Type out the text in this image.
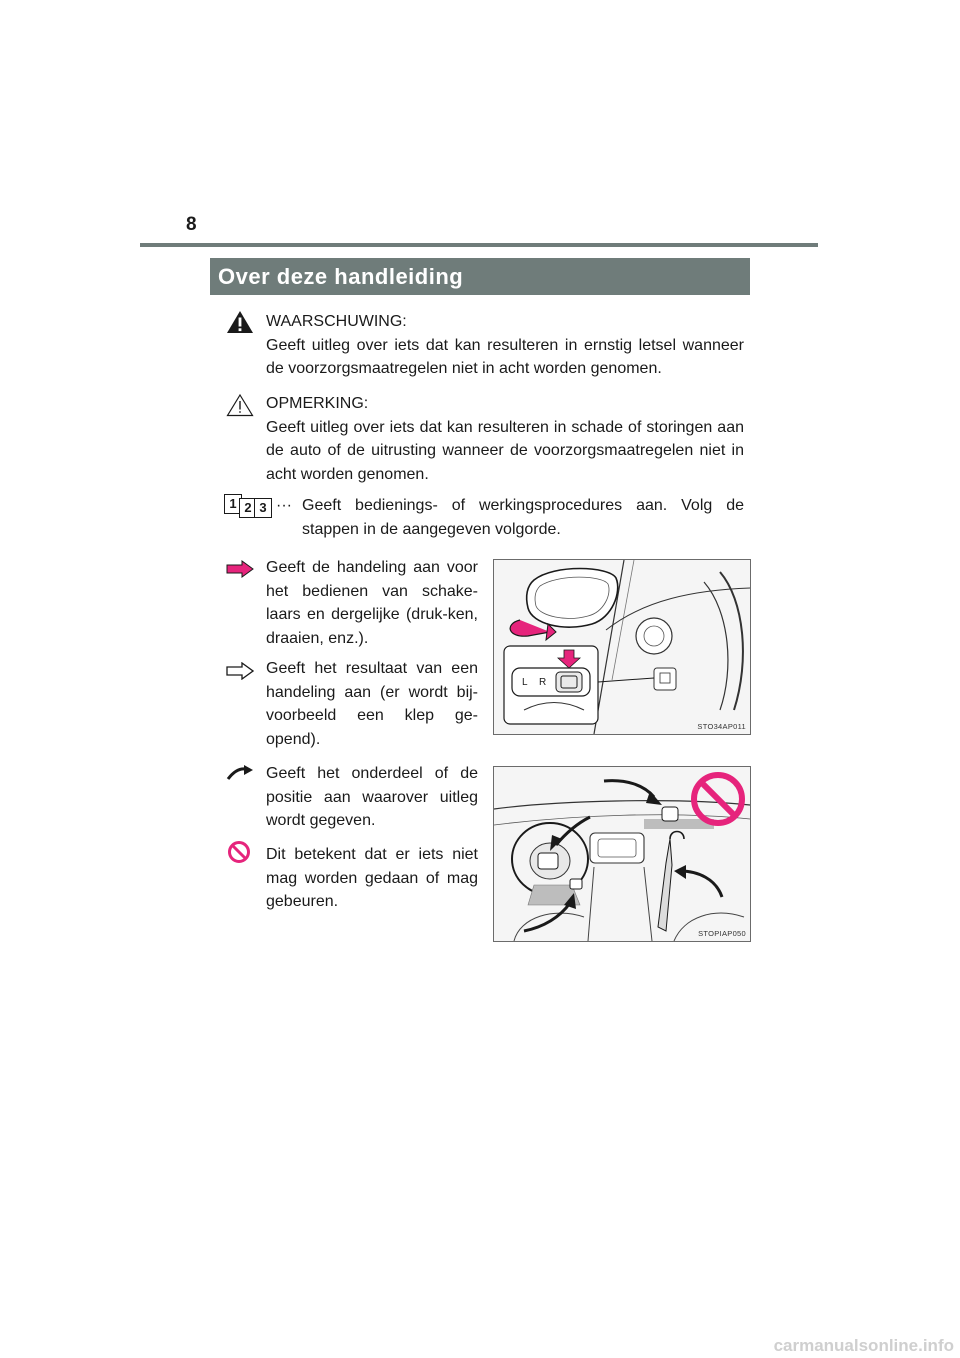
8
Over deze handleiding
WAARSCHUWING:
Geeft uitleg over iets dat kan resulteren in ernstig letsel wanneer de voorzorgsmaatregelen niet in acht worden genomen.
OPMERKING:
Geeft uitleg over iets dat kan resulteren in schade of storingen aan de auto of de uitrusting wanneer de voorzorgsmaatregelen niet in acht worden genomen.
1 2 3 ··· Geeft bedienings- of werkingsprocedures aan. Volg de stappen in de aangegeven volgorde.
Geeft de handeling aan voor het bedienen van schake-laars en dergelijke (druk-ken, draaien, enz.).
Geeft het resultaat van een handeling aan (er wordt bij-voorbeeld een klep ge-opend).
Geeft het onderdeel of de positie aan waarover uitleg wordt gegeven.
Dit betekent dat er iets niet mag worden gedaan of mag gebeuren.
L R
STO34AP011
STOPIAP050
carmanualsonline.info
